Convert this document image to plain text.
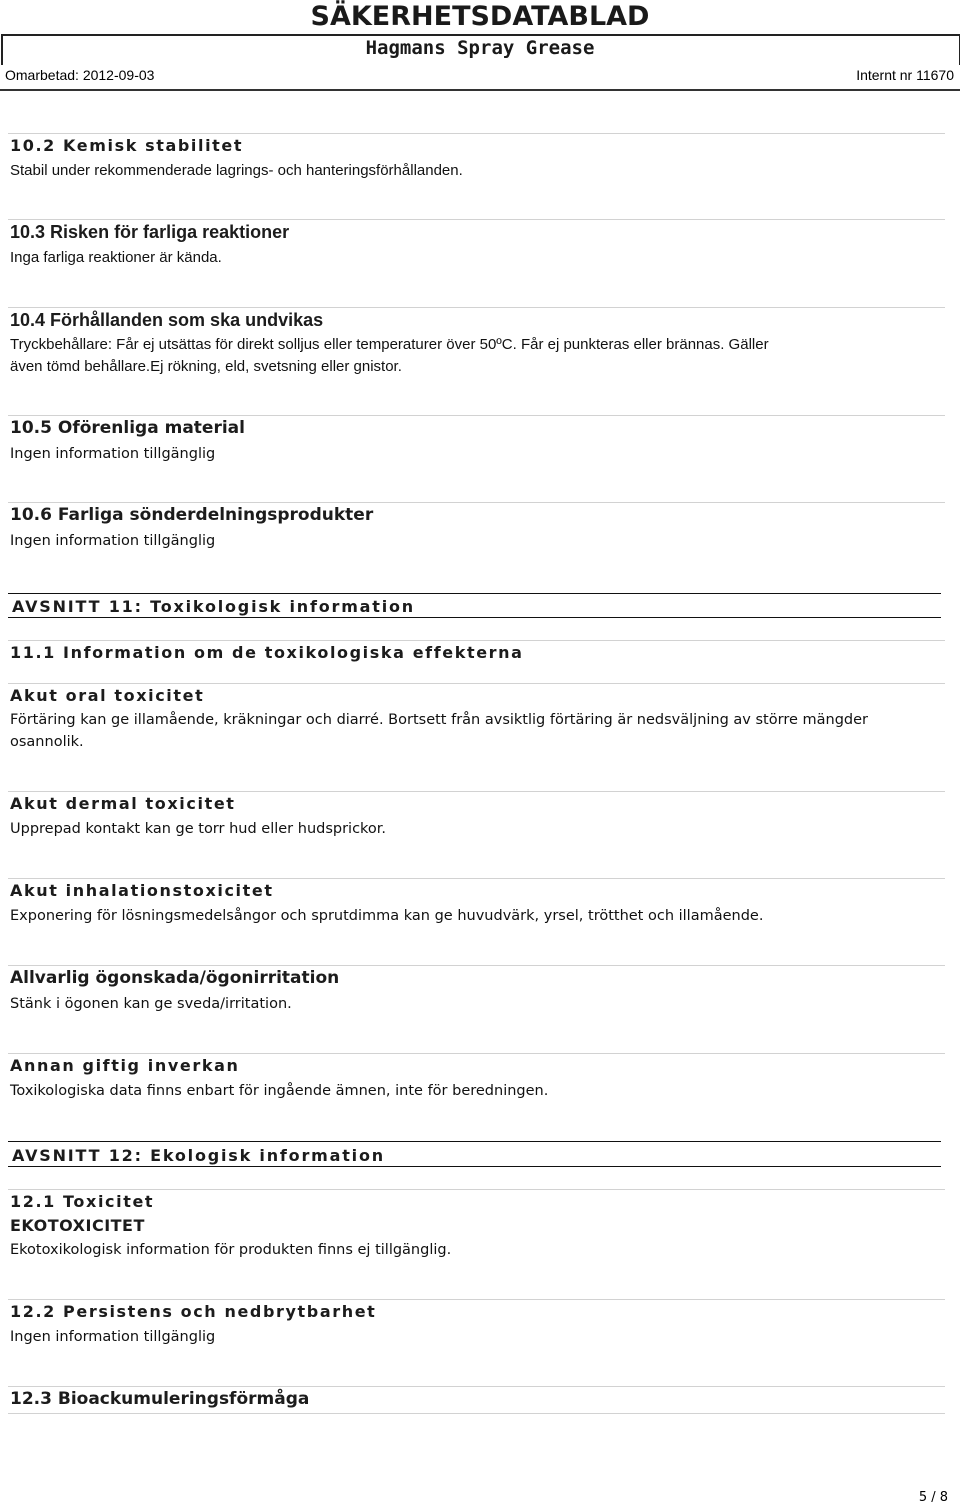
SÄKERHETSDATABLAD
Hagmans Spray Grease
Omarbetad: 2012-09-03	Internt nr 11670
10.2 Kemisk stabilitet
Stabil under rekommenderade lagrings- och hanteringsförhållanden.
10.3 Risken för farliga reaktioner
Inga farliga reaktioner är kända.
10.4 Förhållanden som ska undvikas
Tryckbehållare: Får ej utsättas för direkt solljus eller temperaturer över 50ºC. Får ej punkteras eller brännas. Gäller
även tömd behållare.Ej rökning, eld, svetsning eller gnistor.
10.5 Oförenliga material
Ingen information tillgänglig
10.6 Farliga sönderdelningsprodukter
Ingen information tillgänglig
AVSNITT 11: Toxikologisk information
11.1 Information om de toxikologiska effekterna
Akut oral toxicitet
Förtäring kan ge illamående, kräkningar och diarré. Bortsett från avsiktlig förtäring är nedsväljning av större mängder
osannolik.
Akut dermal toxicitet
Upprepad kontakt kan ge torr hud eller hudsprickor.
Akut inhalationstoxicitet
Exponering för lösningsmedelsångor och sprutdimma kan ge huvudvärk, yrsel, trötthet och illamående.
Allvarlig ögonskada/ögonirritation
Stänk i ögonen kan ge sveda/irritation.
Annan giftig inverkan
Toxikologiska data finns enbart för ingående ämnen, inte för beredningen.
AVSNITT 12: Ekologisk information
12.1 Toxicitet
EKOTOXICITET
Ekotoxikologisk information för produkten finns ej tillgänglig.
12.2 Persistens och nedbrytbarhet
Ingen information tillgänglig
12.3 Bioackumuleringsförmåga
5 / 8
